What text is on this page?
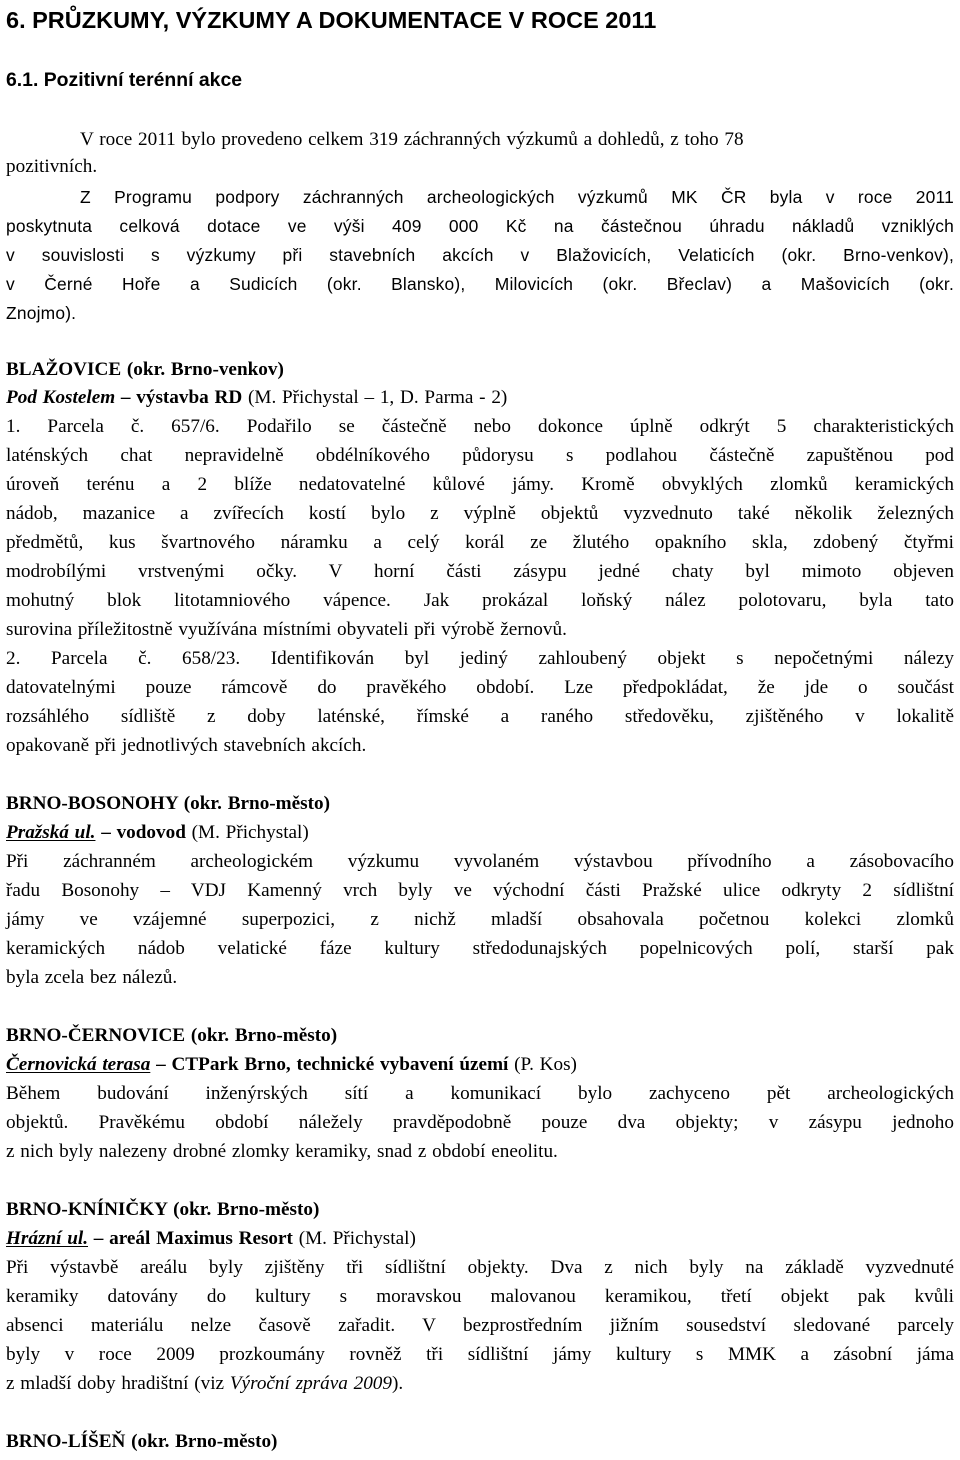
6. PRŮZKUMY, VÝZKUMY A DOKUMENTACE V ROCE 2011
6.1. Pozitivní terénní akce
V roce 2011 bylo provedeno celkem 319 záchranných výzkumů a dohledů, z toho 78
pozitivních.
Z Programu podpory záchranných archeologických výzkumů MK ČR byla v roce 2011
poskytnuta celková dotace ve výši 409 000 Kč na částečnou úhradu nákladů vzniklých
v souvislosti s výzkumy při stavebních akcích v Blažovicích, Velaticích (okr. Brno-venkov),
v Černé Hoře a Sudicích (okr. Blansko), Milovicích (okr. Břeclav) a Mašovicích (okr.
Znojmo).
BLAŽOVICE (okr. Brno-venkov)
Pod Kostelem – výstavba RD (M. Přichystal – 1, D. Parma - 2)
1. Parcela č. 657/6. Podařilo se částečně nebo dokonce úplně odkrýt 5 charakteristických
laténských chat nepravidelně obdélníkového půdorysu s podlahou částečně zapuštěnou pod
úroveň terénu a 2 blíže nedatovatelné kůlové jámy. Kromě obvyklých zlomků keramických
nádob, mazanice a zvířecích kostí bylo z výplně objektů vyzvednuto také několik železných
předmětů, kus švartnového náramku a celý korál ze žlutého opakního skla, zdobený čtyřmi
modrobílými vrstvenými očky. V horní části zásypu jedné chaty byl mimoto objeven
mohutný blok litotamniového vápence. Jak prokázal loňský nález polotovaru, byla tato
surovina příležitostně využívána místními obyvateli při výrobě žernovů.
2. Parcela č. 658/23. Identifikován byl jediný zahloubený objekt s nepočetnými nálezy
datovatelnými pouze rámcově do pravěkého období. Lze předpokládat, že jde o součást
rozsáhlého sídliště z doby laténské, římské a raného středověku, zjištěného v lokalitě
opakovaně při jednotlivých stavebních akcích.
BRNO-BOSONOHY (okr. Brno-město)
Pražská ul. – vodovod (M. Přichystal)
Při záchranném archeologickém výzkumu vyvolaném výstavbou přívodního a zásobovacího
řadu Bosonohy – VDJ Kamenný vrch byly ve východní části Pražské ulice odkryty 2 sídlištní
jámy ve vzájemné superpozici, z nichž mladší obsahovala početnou kolekci zlomků
keramických nádob velatické fáze kultury středodunajských popelnicových polí, starší pak
byla zcela bez nálezů.
BRNO-ČERNOVICE (okr. Brno-město)
Černovická terasa – CTPark Brno, technické vybavení území (P. Kos)
Během budování inženýrských sítí a komunikací bylo zachyceno pět archeologických
objektů. Pravěkému období náležely pravděpodobně pouze dva objekty; v zásypu jednoho
z nich byly nalezeny drobné zlomky keramiky, snad z období eneolitu.
BRNO-KNÍNIČKY (okr. Brno-město)
Hrázní ul. – areál Maximus Resort (M. Přichystal)
Při výstavbě areálu byly zjištěny tři sídlištní objekty. Dva z nich byly na základě vyzvednuté
keramiky datovány do kultury s moravskou malovanou keramikou, třetí objekt pak kvůli
absenci materiálu nelze časově zařadit. V bezprostředním jižním sousedství sledované parcely
byly v roce 2009 prozkoumány rovněž tři sídlištní jámy kultury s MMK a zásobní jáma
z mladší doby hradištní (viz Výroční zpráva 2009).
BRNO-LÍŠEŇ (okr. Brno-město)
